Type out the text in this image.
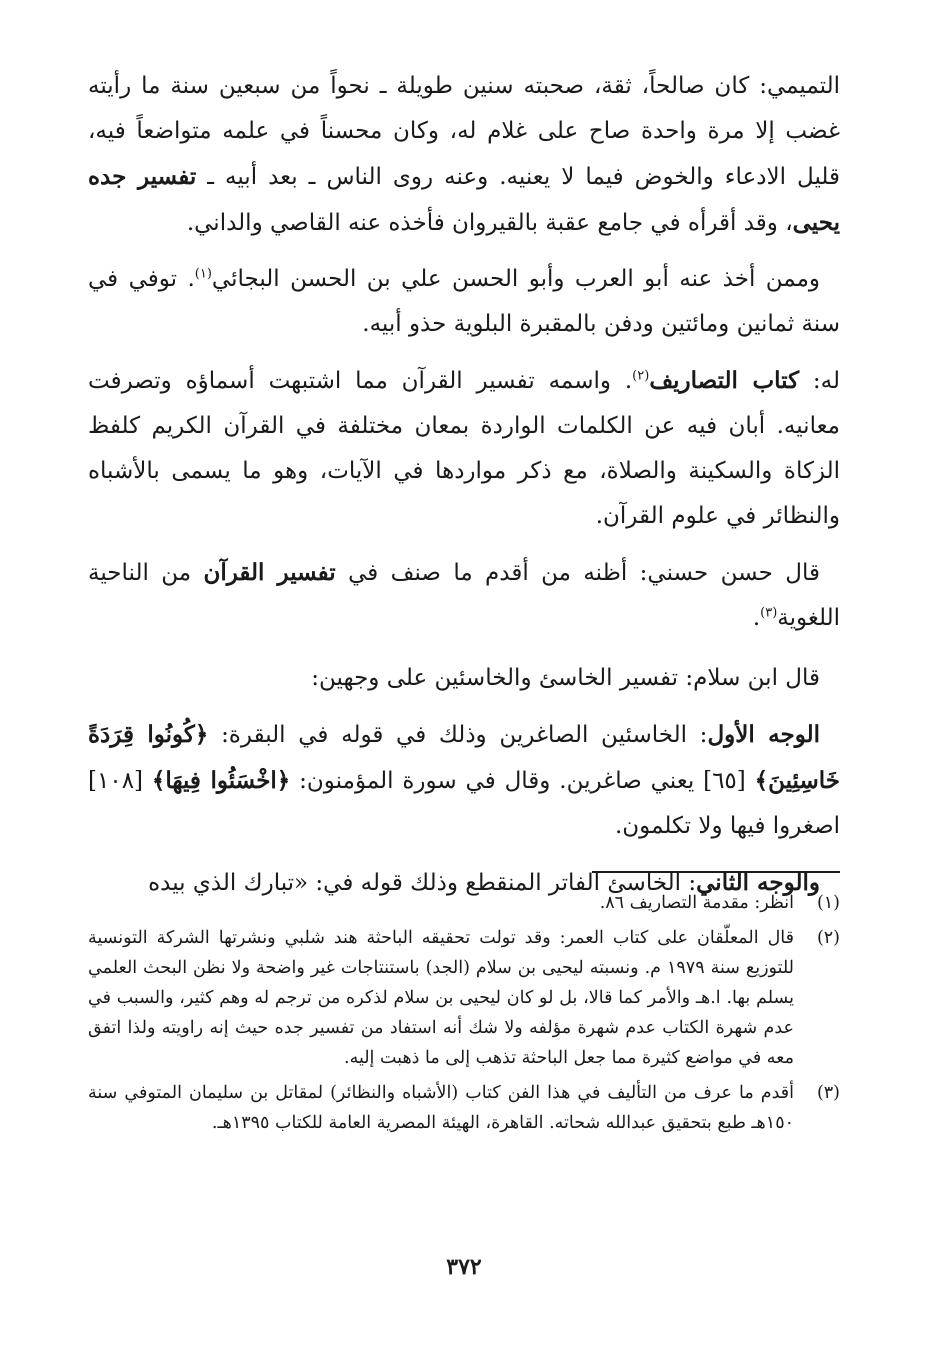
التميمي: كان صالحاً، ثقة، صحبته سنين طويلة ـ نحواً من سبعين سنة ما رأيته غضب إلا مرة واحدة صاح على غلام له، وكان محسناً في علمه متواضعاً فيه، قليل الادعاء والخوض فيما لا يعنيه. وعنه روى الناس ـ بعد أبيه ـ تفسير جده يحيى، وقد أقرأه في جامع عقبة بالقيروان فأخذه عنه القاصي والداني.

وممن أخذ عنه أبو العرب وأبو الحسن علي بن الحسن البجائي$^{(١)}$. توفي في سنة ثمانين ومائتين ودفن بالمقبرة البلوية حذو أبيه.

له: كتاب التصاريف$^{(٢)}$. واسمه تفسير القرآن مما اشتبهت أسماؤه وتصرفت معانيه. أبان فيه عن الكلمات الواردة بمعان مختلفة في القرآن الكريم كلفظ الزكاة والسكينة والصلاة، مع ذكر مواردها في الآيات، وهو ما يسمى بالأشباه والنظائر في علوم القرآن.

قال حسن حسني: أظنه من أقدم ما صنف في تفسير القرآن من الناحية اللغوية$^{(٣)}$.

قال ابن سلام: تفسير الخاسئ والخاسئين على وجهين:

الوجه الأول: الخاسئين الصاغرين وذلك في قوله في البقرة: ﴿كُونُوا قِرَدَةً خَاسِئِينَ﴾ [٦٥] يعني صاغرين. وقال في سورة المؤمنون: ﴿اخْسَئُوا فِيهَا﴾ [١٠٨] اصغروا فيها ولا تكلمون.

والوجه الثاني: الخاسئ الفاتر المنقطع وذلك قوله في: «تبارك الذي بيده

(١)
انظر: مقدمة التصاريف ٨٦.
(٢)
قال المعلّقان على كتاب العمر: وقد تولت تحقيقه الباحثة هند شلبي ونشرتها الشركة التونسية للتوزيع سنة ١٩٧٩ م. ونسبته ليحيى بن سلام (الجد) باستنتاجات غير واضحة ولا نظن البحث العلمي يسلم بها. ا.هـ والأمر كما قالا، بل لو كان ليحيى بن سلام لذكره من ترجم له وهم كثير، والسبب في عدم شهرة الكتاب عدم شهرة مؤلفه ولا شك أنه استفاد من تفسير جده حيث إنه راويته ولذا اتفق معه في مواضع كثيرة مما جعل الباحثة تذهب إلى ما ذهبت إليه.
(٣)
أقدم ما عرف من التأليف في هذا الفن كتاب (الأشباه والنظائر) لمقاتل بن سليمان المتوفي سنة ١٥٠هـ طبع بتحقيق عبدالله شحاته. القاهرة، الهيئة المصرية العامة للكتاب ١٣٩٥هـ.
٣٧٢
